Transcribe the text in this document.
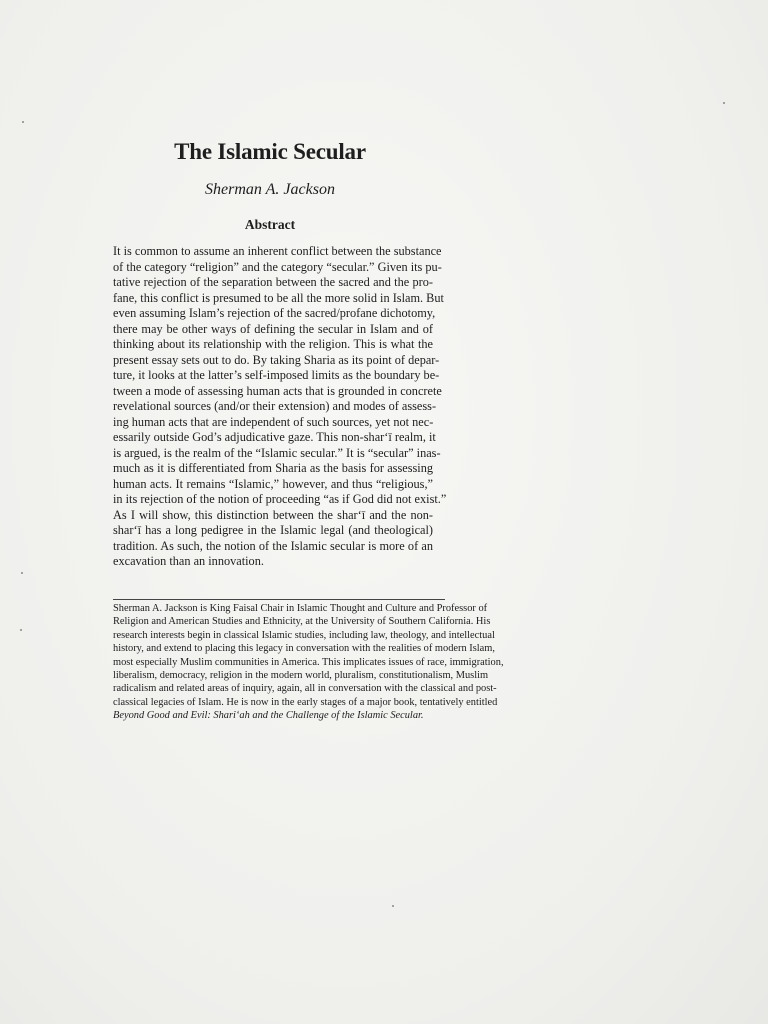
The Islamic Secular
Sherman A. Jackson
Abstract
It is common to assume an inherent conflict between the substance
of the category “religion” and the category “secular.” Given its pu-
tative rejection of the separation between the sacred and the pro-
fane, this conflict is presumed to be all the more solid in Islam. But
even assuming Islam’s rejection of the sacred/profane dichotomy,
there may be other ways of defining the secular in Islam and of
thinking about its relationship with the religion. This is what the
present essay sets out to do. By taking Sharia as its point of depar-
ture, it looks at the latter’s self-imposed limits as the boundary be-
tween a mode of assessing human acts that is grounded in concrete
revelational sources (and/or their extension) and modes of assess-
ing human acts that are independent of such sources, yet not nec-
essarily outside God’s adjudicative gaze. This non-shar‘ī realm, it
is argued, is the realm of the “Islamic secular.” It is “secular” inas-
much as it is differentiated from Sharia as the basis for assessing
human acts. It remains “Islamic,” however, and thus “religious,”
in its rejection of the notion of proceeding “as if God did not exist.”
As I will show, this distinction between the shar‘ī and the non-
shar‘ī has a long pedigree in the Islamic legal (and theological)
tradition. As such, the notion of the Islamic secular is more of an
excavation than an innovation.
Sherman A. Jackson is King Faisal Chair in Islamic Thought and Culture and Professor of
Religion and American Studies and Ethnicity, at the University of Southern California. His
research interests begin in classical Islamic studies, including law, theology, and intellectual
history, and extend to placing this legacy in conversation with the realities of modern Islam,
most especially Muslim communities in America. This implicates issues of race, immigration,
liberalism, democracy, religion in the modern world, pluralism, constitutionalism, Muslim
radicalism and related areas of inquiry, again, all in conversation with the classical and post-
classical legacies of Islam. He is now in the early stages of a major book, tentatively entitled
Beyond Good and Evil: Shari‘ah and the Challenge of the Islamic Secular.
